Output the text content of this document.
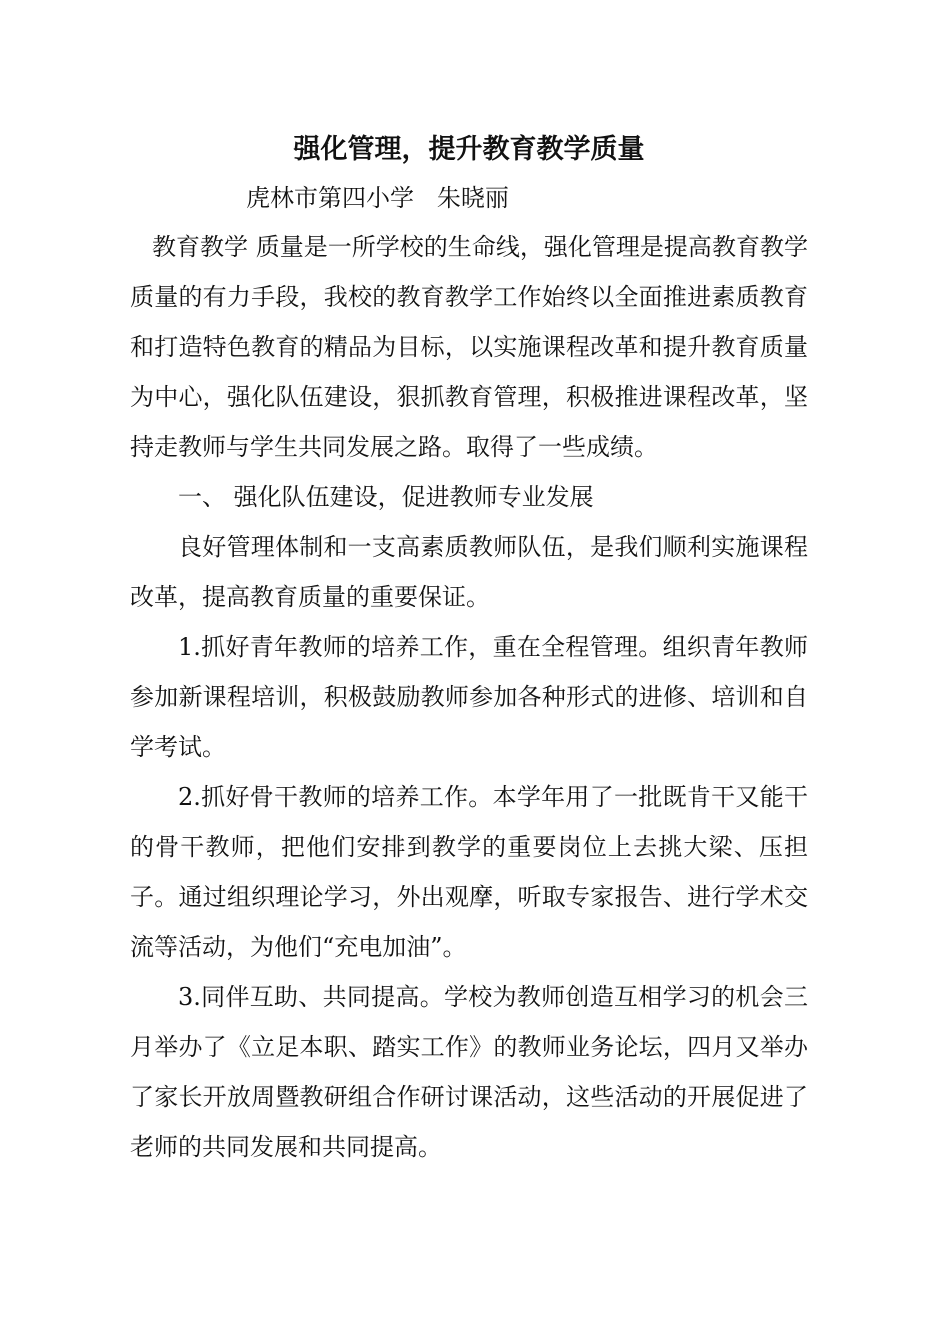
强化管理，提升教育教学质量
虎林市第四小学   朱晓丽

教育教学 质量是一所学校的生命线，强化管理是提高教育教学质量的有力手段，我校的教育教学工作始终以全面推进素质教育和打造特色教育的精品为目标，以实施课程改革和提升教育质量为中心，强化队伍建设，狠抓教育管理，积极推进课程改革，坚持走教师与学生共同发展之路。取得了一些成绩。

一、 强化队伍建设，促进教师专业发展

良好管理体制和一支高素质教师队伍，是我们顺利实施课程改革，提高教育质量的重要保证。

1.抓好青年教师的培养工作，重在全程管理。组织青年教师参加新课程培训，积极鼓励教师参加各种形式的进修、培训和自学考试。

2.抓好骨干教师的培养工作。本学年用了一批既肯干又能干的骨干教师，把他们安排到教学的重要岗位上去挑大梁、压担子。通过组织理论学习，外出观摩，听取专家报告、进行学术交流等活动，为他们“充电加油”。

3.同伴互助、共同提高。学校为教师创造互相学习的机会三月举办了《立足本职、踏实工作》的教师业务论坛，四月又举办了家长开放周暨教研组合作研讨课活动，这些活动的开展促进了老师的共同发展和共同提高。
